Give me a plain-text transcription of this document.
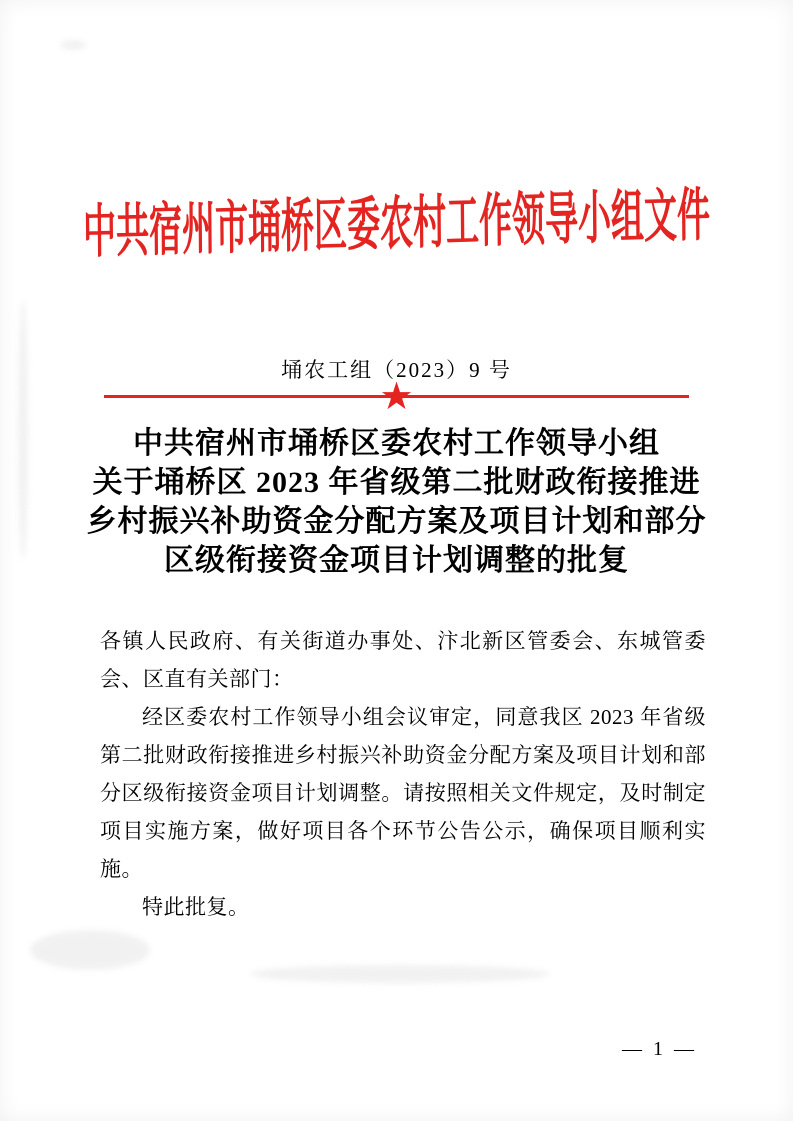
中共宿州市埇桥区委农村工作领导小组文件
埇农工组（2023）9 号
★
中共宿州市埇桥区委农村工作领导小组
关于埇桥区 2023 年省级第二批财政衔接推进
乡村振兴补助资金分配方案及项目计划和部分
区级衔接资金项目计划调整的批复

各镇人民政府、有关街道办事处、汴北新区管委会、东城管委会、区直有关部门：

经区委农村工作领导小组会议审定，同意我区 2023 年省级第二批财政衔接推进乡村振兴补助资金分配方案及项目计划和部分区级衔接资金项目计划调整。请按照相关文件规定，及时制定项目实施方案，做好项目各个环节公告公示，确保项目顺利实施。

特此批复。

— 1 —
